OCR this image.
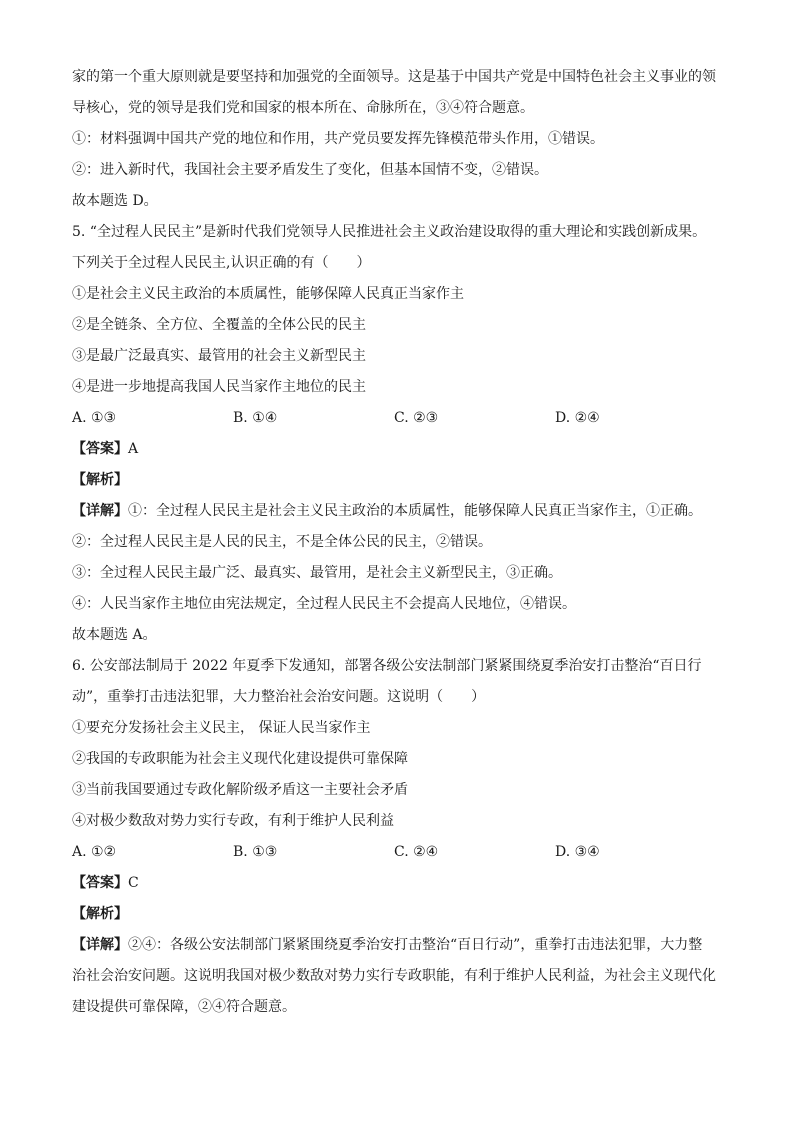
家的第一个重大原则就是要坚持和加强党的全面领导。这是基于中国共产党是中国特色社会主义事业的领
导核心，党的领导是我们党和国家的根本所在、命脉所在，③④符合题意。
①：材料强调中国共产党的地位和作用，共产党员要发挥先锋模范带头作用，①错误。
②：进入新时代，我国社会主要矛盾发生了变化，但基本国情不变，②错误。
故本题选 D。
5. “全过程人民民主”是新时代我们党领导人民推进社会主义政治建设取得的重大理论和实践创新成果。
下列关于全过程人民民主,认识正确的有（　　）
①是社会主义民主政治的本质属性，能够保障人民真正当家作主
②是全链条、全方位、全覆盖的全体公民的民主
③是最广泛最真实、最管用的社会主义新型民主
④是进一步地提高我国人民当家作主地位的民主
A. ①③	B. ①④	C. ②③	D. ②④
【答案】A
【解析】
【详解】①：全过程人民民主是社会主义民主政治的本质属性，能够保障人民真正当家作主，①正确。
②：全过程人民民主是人民的民主，不是全体公民的民主，②错误。
③：全过程人民民主最广泛、最真实、最管用，是社会主义新型民主，③正确。
④：人民当家作主地位由宪法规定，全过程人民民主不会提高人民地位，④错误。
故本题选 A。
6. 公安部法制局于 2022 年夏季下发通知，部署各级公安法制部门紧紧围绕夏季治安打击整治“百日行
动”，重拳打击违法犯罪，大力整治社会治安问题。这说明（　　）
①要充分发扬社会主义民主， 保证人民当家作主
②我国的专政职能为社会主义现代化建设提供可靠保障
③当前我国要通过专政化解阶级矛盾这一主要社会矛盾
④对极少数敌对势力实行专政，有利于维护人民利益
A. ①②	B. ①③	C. ②④	D. ③④
【答案】C
【解析】
【详解】②④：各级公安法制部门紧紧围绕夏季治安打击整治“百日行动”，重拳打击违法犯罪，大力整
治社会治安问题。这说明我国对极少数敌对势力实行专政职能，有利于维护人民利益，为社会主义现代化
建设提供可靠保障，②④符合题意。
